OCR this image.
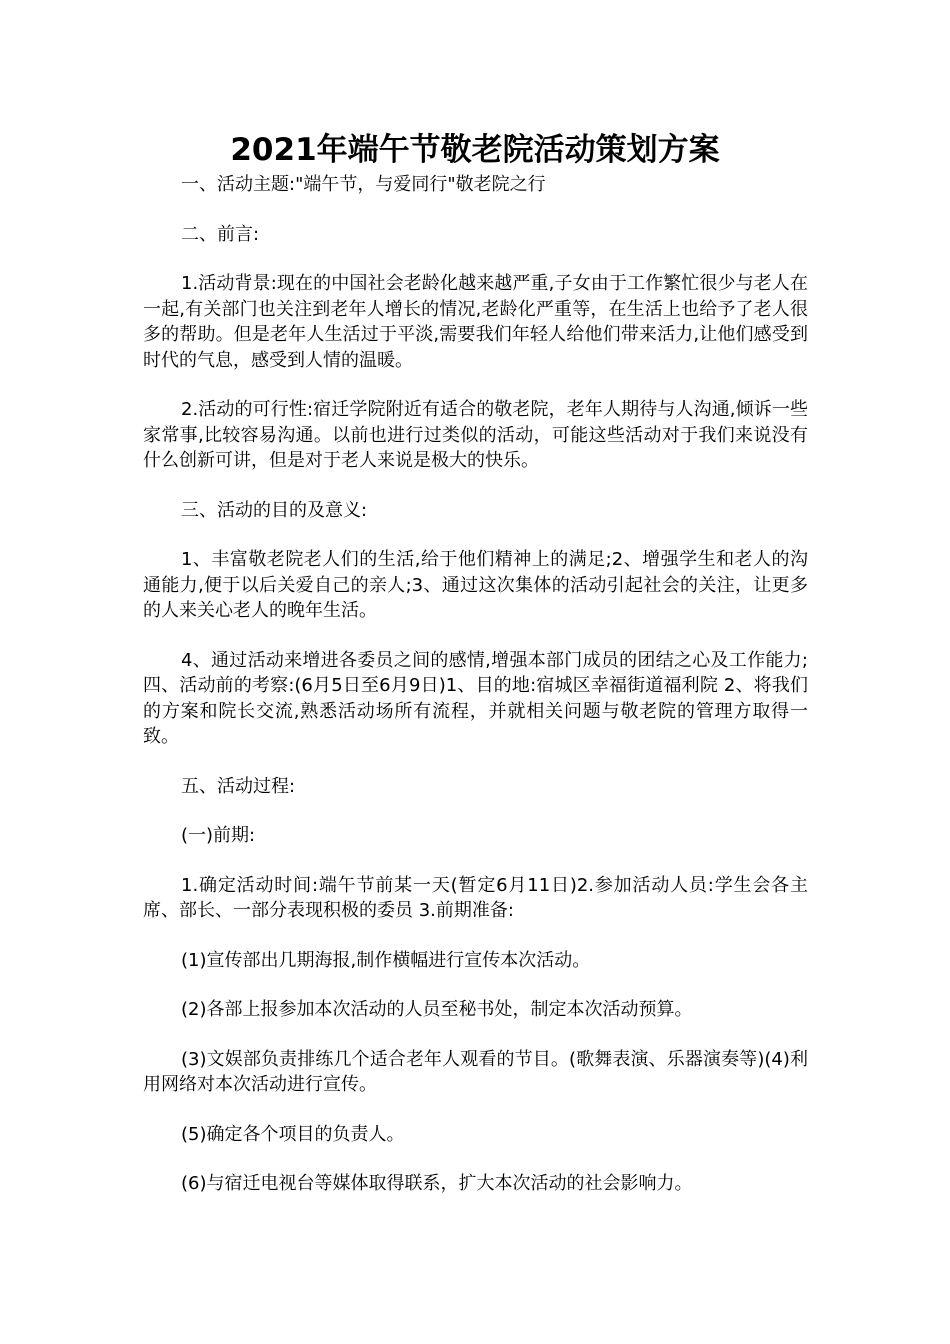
2021年端午节敬老院活动策划方案

一、活动主题:"端午节，与爱同行"敬老院之行

二、前言:

1.活动背景:现在的中国社会老龄化越来越严重,子女由于工作繁忙很少与老人在一起,有关部门也关注到老年人增长的情况,老龄化严重等，在生活上也给予了老人很多的帮助。但是老年人生活过于平淡,需要我们年轻人给他们带来活力,让他们感受到时代的气息，感受到人情的温暖。

2.活动的可行性:宿迁学院附近有适合的敬老院，老年人期待与人沟通,倾诉一些家常事,比较容易沟通。以前也进行过类似的活动，可能这些活动对于我们来说没有什么创新可讲，但是对于老人来说是极大的快乐。

三、活动的目的及意义:

1、丰富敬老院老人们的生活,给于他们精神上的满足;2、增强学生和老人的沟通能力,便于以后关爱自己的亲人;3、通过这次集体的活动引起社会的关注，让更多的人来关心老人的晚年生活。

4、通过活动来增进各委员之间的感情,增强本部门成员的团结之心及工作能力;四、活动前的考察:(6月5日至6月9日)1、目的地:宿城区幸福街道福利院 2、将我们的方案和院长交流,熟悉活动场所有流程，并就相关问题与敬老院的管理方取得一致。

五、活动过程:

(一)前期:

1.确定活动时间:端午节前某一天(暂定6月11日)2.参加活动人员:学生会各主席、部长、一部分表现积极的委员 3.前期准备:

(1)宣传部出几期海报,制作横幅进行宣传本次活动。

(2)各部上报参加本次活动的人员至秘书处，制定本次活动预算。

(3)文娱部负责排练几个适合老年人观看的节目。(歌舞表演、乐器演奏等)(4)利用网络对本次活动进行宣传。

(5)确定各个项目的负责人。

(6)与宿迁电视台等媒体取得联系，扩大本次活动的社会影响力。
